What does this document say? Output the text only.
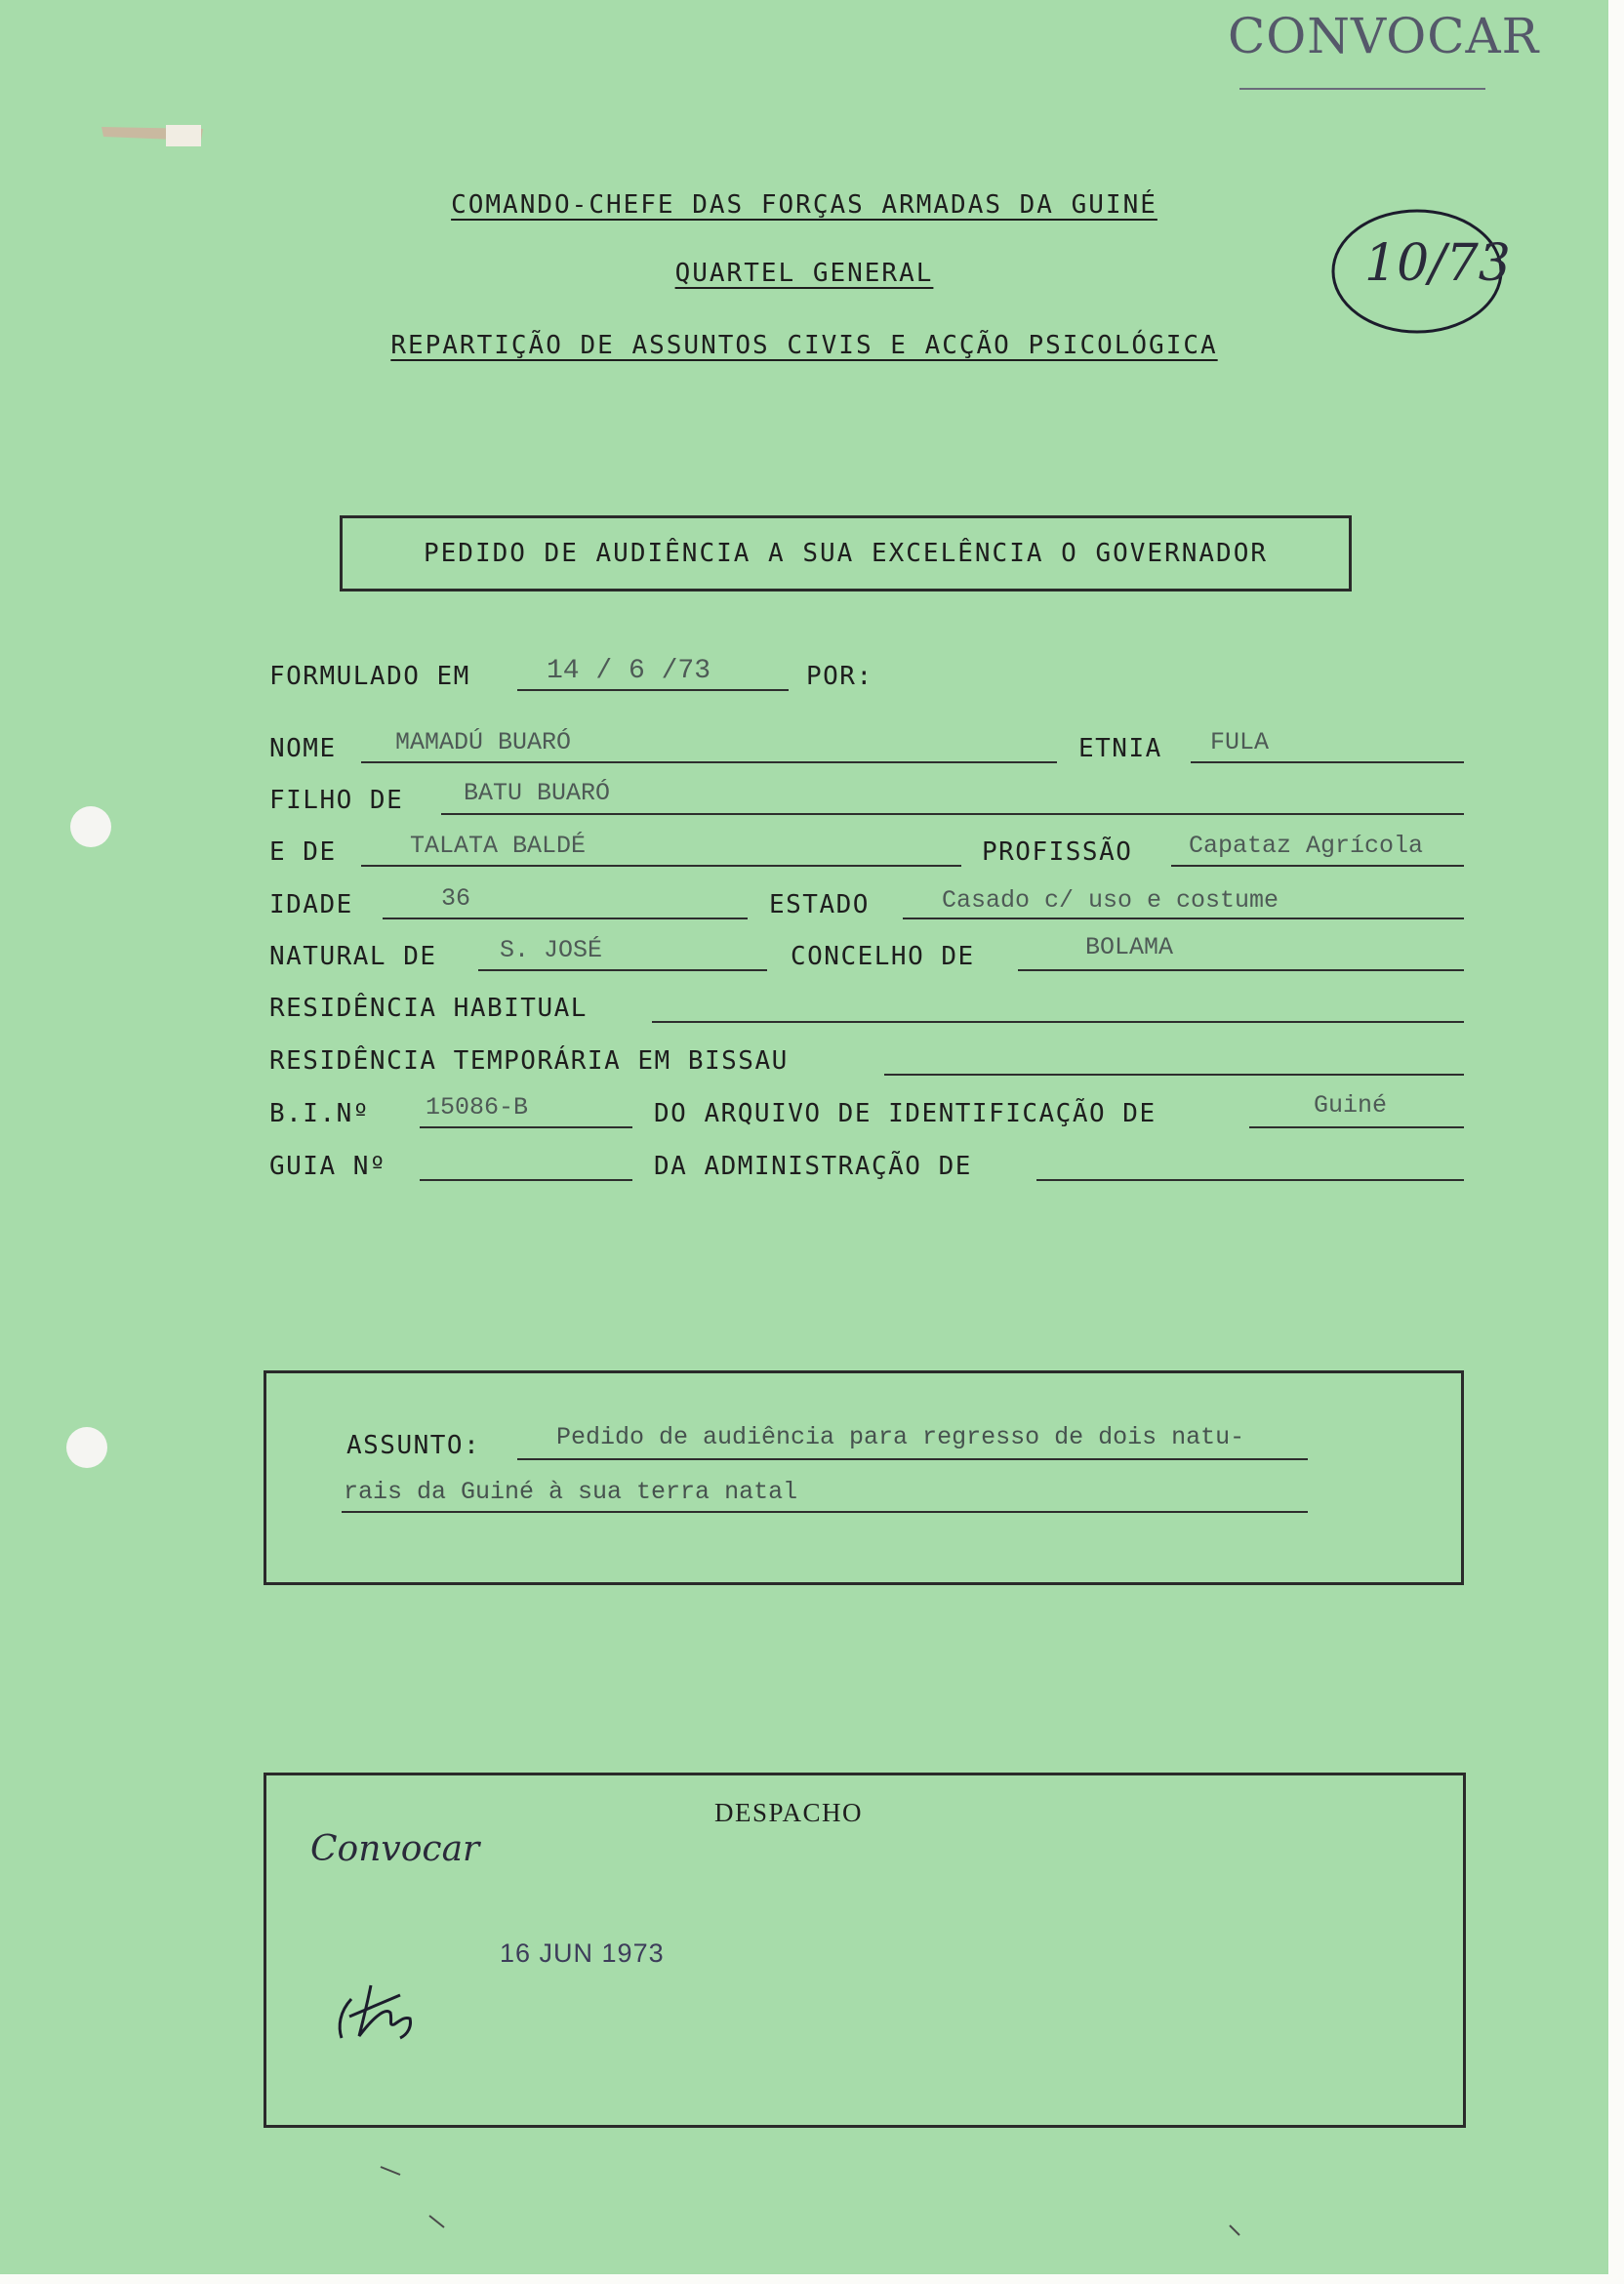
CONVOCAR
10/73
COMANDO-CHEFE DAS FORÇAS ARMADAS DA GUINÉ
QUARTEL GENERAL
REPARTIÇÃO DE ASSUNTOS CIVIS E ACÇÃO PSICOLÓGICA
PEDIDO DE AUDIÊNCIA A SUA EXCELÊNCIA O GOVERNADOR
FORMULADO EM	14 / 6 /73	POR:
NOME MAMADÚ BUARÓ	ETNIA FULA
FILHO DE BATU BUARÓ
E DE	TALATA BALDÉ	PROFISSÃO Capataz Agrícola
IDADE	36	ESTADO	Casado c/ uso e costume
NATURAL DE	S. JOSÉ	CONCELHO DE	BOLAMA
RESIDÊNCIA HABITUAL
RESIDÊNCIA TEMPORÁRIA EM BISSAU
B.I.Nº 15086-B	DO ARQUIVO DE IDENTIFICAÇÃO DE	Guiné
GUIA Nº	DA ADMINISTRAÇÃO DE
ASSUNTO:	Pedido de audiência para regresso de dois natu-
rais da Guiné à sua terra natal
DESPACHO
Convocar
16 JUN 1973
